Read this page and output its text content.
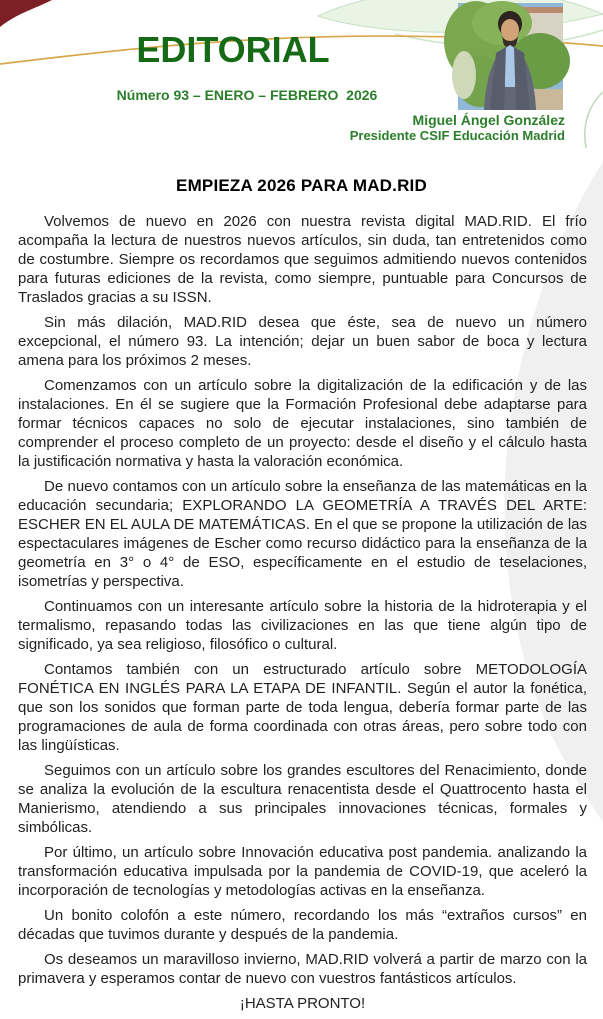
EDITORIAL
Número 93 – ENERO – FEBRERO  2026
Miguel Ángel González
Presidente CSIF Educación Madrid
EMPIEZA 2026 PARA MAD.RID

Volvemos de nuevo en 2026 con nuestra revista digital MAD.RID. El frío acompaña la lectura de nuestros nuevos artículos, sin duda, tan entretenidos como de costumbre. Siempre os recordamos que seguimos admitiendo nuevos contenidos para futuras ediciones de la revista, como siempre, puntuable para Concursos de Traslados gracias a su ISSN.

Sin más dilación, MAD.RID desea que éste, sea de nuevo un número excepcional, el número 93. La intención; dejar un buen sabor de boca y lectura amena para los próximos 2 meses.

Comenzamos con un artículo sobre la digitalización de la edificación y de las instalaciones. En él se sugiere que la Formación Profesional debe adaptarse para formar técnicos capaces no solo de ejecutar instalaciones, sino también de comprender el proceso completo de un proyecto: desde el diseño y el cálculo hasta la justificación normativa y hasta la valoración económica.

De nuevo contamos con un artículo sobre la enseñanza de las matemáticas en la educación secundaria; EXPLORANDO LA GEOMETRÍA A TRAVÉS DEL ARTE: ESCHER EN EL AULA DE MATEMÁTICAS. En el que se propone la utilización de las espectaculares imágenes de Escher como recurso didáctico para la enseñanza de la geometría en 3° o 4° de ESO, específicamente en el estudio de teselaciones, isometrías y perspectiva.

Continuamos con un interesante artículo sobre la historia de la hidroterapia y el termalismo, repasando todas las civilizaciones en las que tiene algún tipo de significado, ya sea religioso, filosófico o cultural.

Contamos también con un estructurado artículo sobre METODOLOGÍA FONÉTICA EN INGLÉS PARA LA ETAPA DE INFANTIL. Según el autor la fonética, que son los sonidos que forman parte de toda lengua, debería formar parte de las programaciones de aula de forma coordinada con otras áreas, pero sobre todo con las lingüísticas.

Seguimos con un artículo sobre los grandes escultores del Renacimiento, donde se analiza la evolución de la escultura renacentista desde el Quattrocento hasta el Manierismo, atendiendo a sus principales innovaciones técnicas, formales y simbólicas.

Por último, un artículo sobre Innovación educativa post pandemia. analizando la transformación educativa impulsada por la pandemia de COVID-19, que aceleró la incorporación de tecnologías y metodologías activas en la enseñanza.

Un bonito colofón a este número, recordando los más “extraños cursos” en décadas que tuvimos durante y después de la pandemia.

Os deseamos un maravilloso invierno, MAD.RID volverá a partir de marzo con la primavera y esperamos contar de nuevo con vuestros fantásticos artículos.

¡HASTA PRONTO!
